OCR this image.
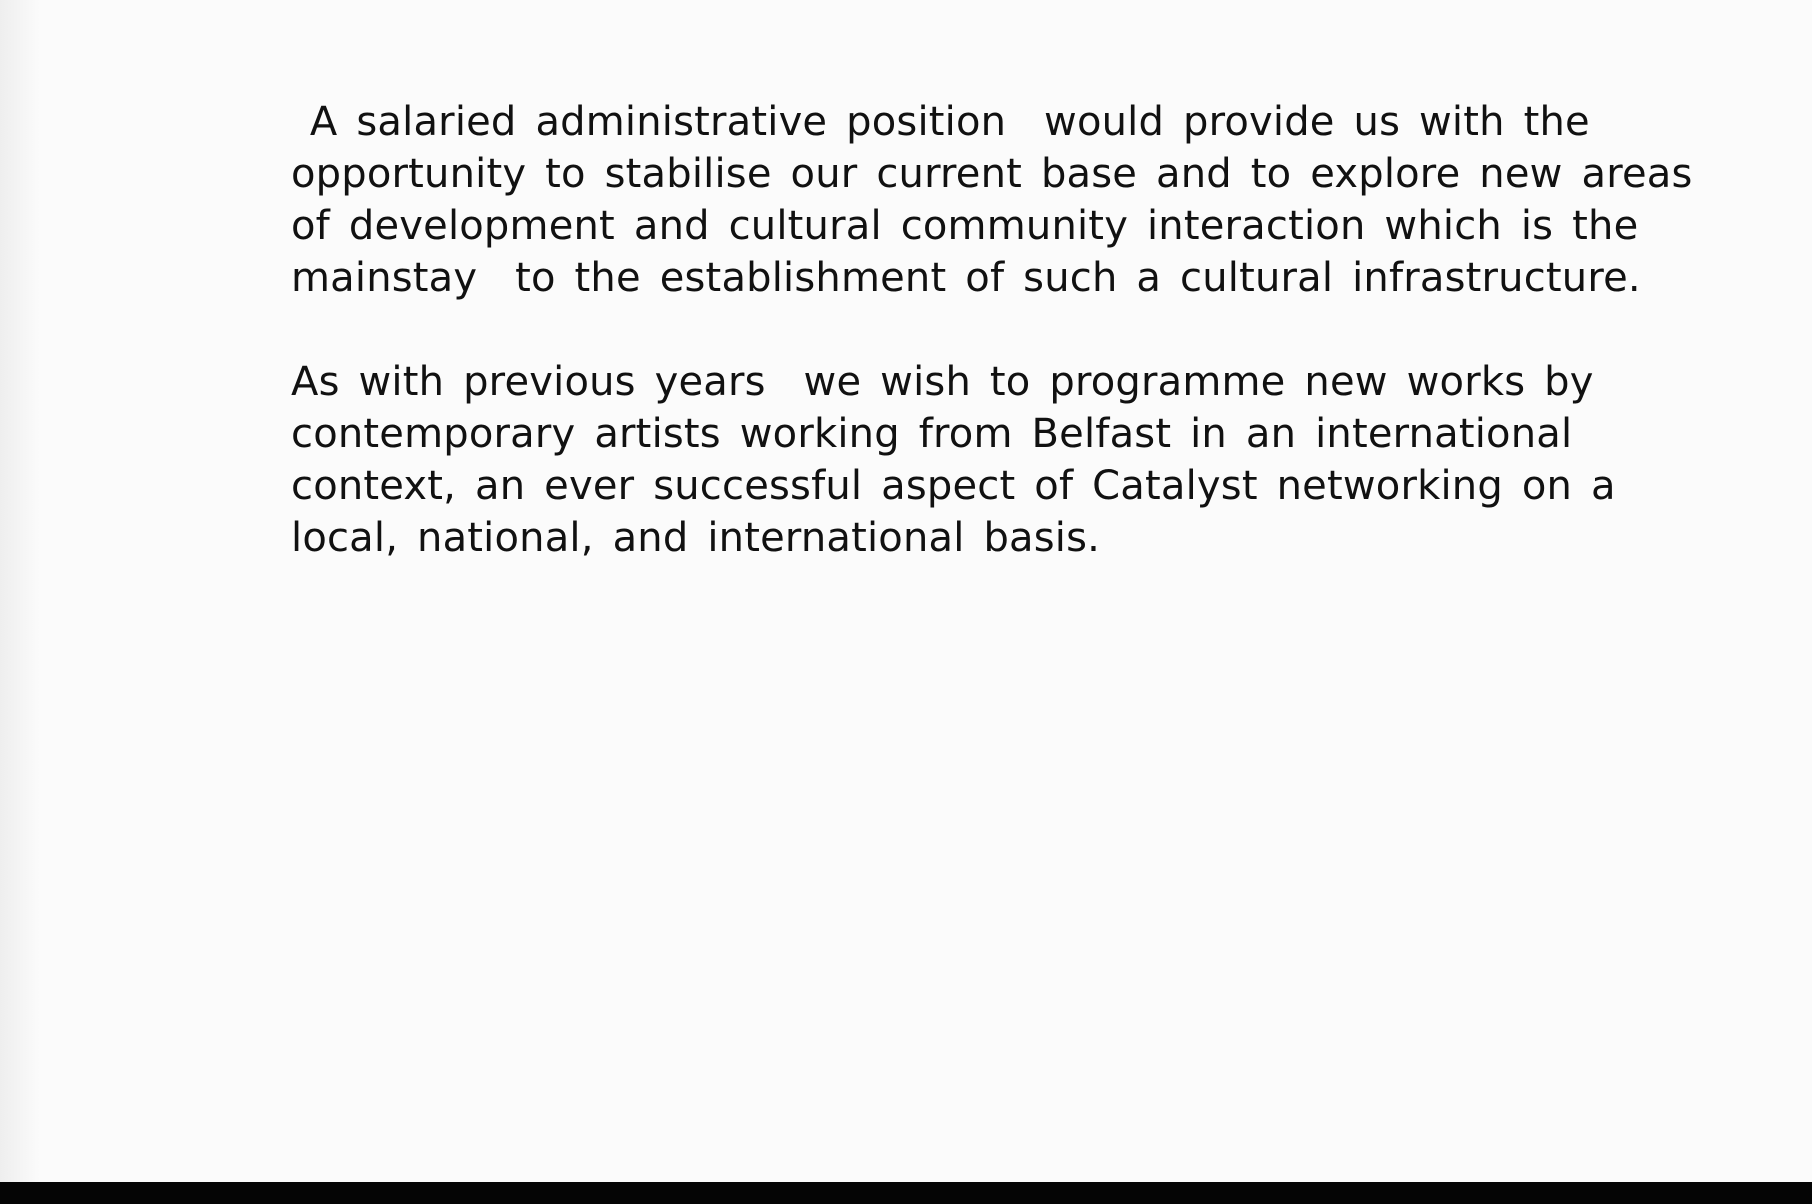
A salaried administrative position  would provide us with the
opportunity to stabilise our current base and to explore new areas
of development and cultural community interaction which is the
mainstay  to the establishment of such a cultural infrastructure.

As with previous years  we wish to programme new works by
contemporary artists working from Belfast in an international
context, an ever successful aspect of Catalyst networking on a
local, national, and international basis.
